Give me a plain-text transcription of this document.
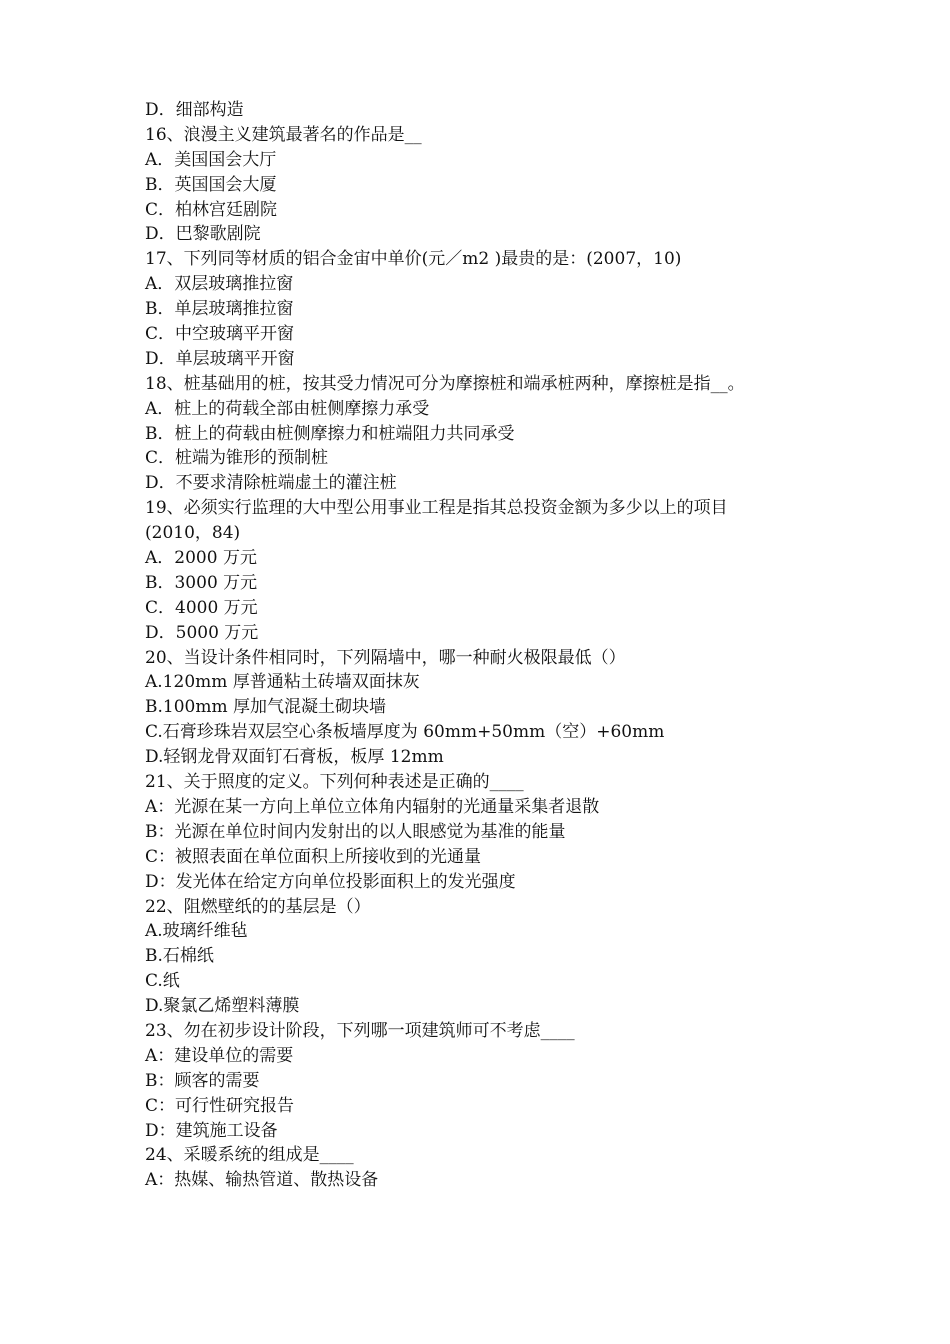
D．细部构造
16、浪漫主义建筑最著名的作品是__
A．美国国会大厅
B．英国国会大厦
C．柏林宫廷剧院
D．巴黎歌剧院
17、下列同等材质的铝合金宙中单价(元／m2 )最贵的是：(2007，10)
A．双层玻璃推拉窗
B．单层玻璃推拉窗
C．中空玻璃平开窗
D．单层玻璃平开窗
18、桩基础用的桩，按其受力情况可分为摩擦桩和端承桩两种，摩擦桩是指__。
A．桩上的荷载全部由桩侧摩擦力承受
B．桩上的荷载由桩侧摩擦力和桩端阻力共同承受
C．桩端为锥形的预制桩
D．不要求清除桩端虚土的灌注桩
19、必须实行监理的大中型公用事业工程是指其总投资金额为多少以上的项目
(2010，84)
A．2000 万元
B．3000 万元
C．4000 万元
D．5000 万元
20、当设计条件相同时，下列隔墙中，哪一种耐火极限最低（）
A.120mm 厚普通粘土砖墙双面抹灰
B.100mm 厚加气混凝土砌块墙
C.石膏珍珠岩双层空心条板墙厚度为 60mm+50mm（空）+60mm
D.轻钢龙骨双面钉石膏板，板厚 12mm
21、关于照度的定义。下列何种表述是正确的____
A：光源在某一方向上单位立体角内辐射的光通量采集者退散
B：光源在单位时间内发射出的以人眼感觉为基准的能量
C：被照表面在单位面积上所接收到的光通量
D：发光体在给定方向单位投影面积上的发光强度
22、阻燃壁纸的的基层是（）
A.玻璃纤维毡
B.石棉纸
C.纸
D.聚氯乙烯塑料薄膜
23、勿在初步设计阶段，下列哪一项建筑师可不考虑____
A：建设单位的需要
B：顾客的需要
C：可行性研究报告
D：建筑施工设备
24、采暖系统的组成是____
A：热媒、输热管道、散热设备
